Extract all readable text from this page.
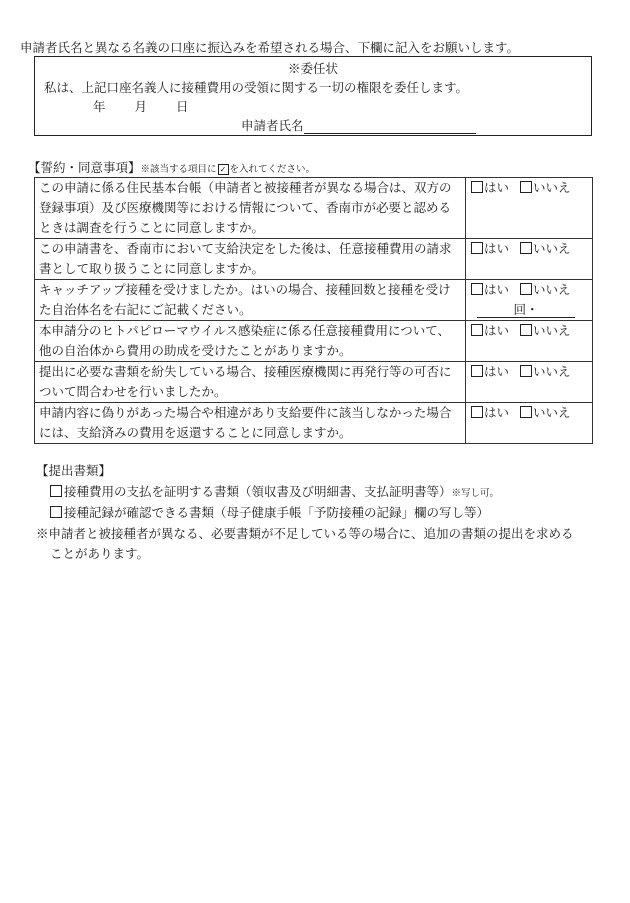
申請者氏名と異なる名義の口座に振込みを希望される場合、下欄に記入をお願いします。
※委任状
私は、上記口座名義人に接種費用の受領に関する一切の権限を委任します。
年 月 日
申請者氏名
【誓約・同意事項】※該当する項目に ✓ を入れてください。
この申請に係る住民基本台帳（申請者と被接種者が異なる場合は、双方の登録事項）及び医療機関等における情報について、香南市が必要と認めるときは調査を行うことに同意しますか。	はい いいえ
この申請書を、香南市において支給決定をした後は、任意接種費用の請求書として取り扱うことに同意しますか。	はい いいえ
キャッチアップ接種を受けましたか。はいの場合、接種回数と接種を受けた自治体名を右記にご記載ください。	はい いいえ
回・
本申請分のヒトパピローマウイルス感染症に係る任意接種費用について、他の自治体から費用の助成を受けたことがありますか。	はい いいえ
提出に必要な書類を紛失している場合、接種医療機関に再発行等の可否について問合わせを行いましたか。	はい いいえ
申請内容に偽りがあった場合や相違があり支給要件に該当しなかった場合には、支給済みの費用を返還することに同意しますか。	はい いいえ
【提出書類】
接種費用の支払を証明する書類（領収書及び明細書、支払証明書等）※写し可。
接種記録が確認できる書類（母子健康手帳「予防接種の記録」欄の写し等）
※申請者と被接種者が異なる、必要書類が不足している等の場合に、追加の書類の提出を求める
ことがあります。
